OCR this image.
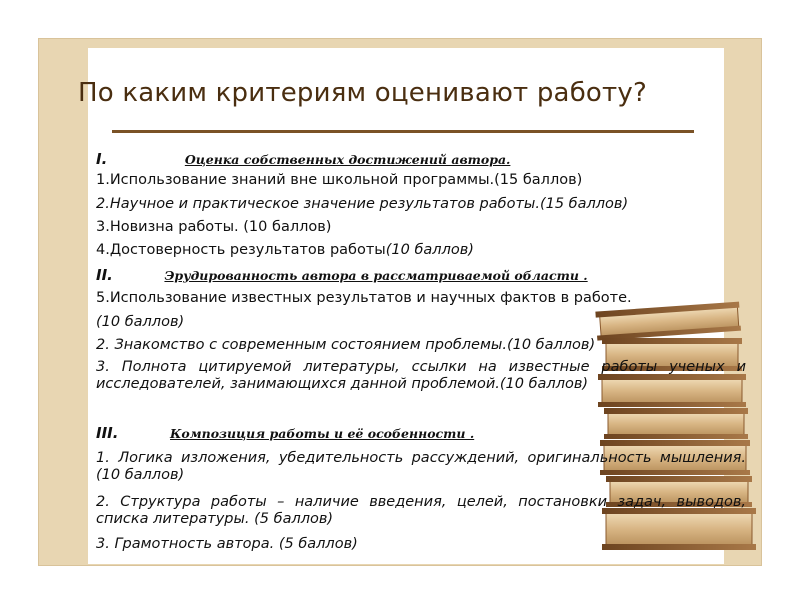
По каким критериям оценивают работу?
I.	Оценка собственных достижений автора.
1.Использование знаний вне школьной программы.(15 баллов)
2.Научное и практическое значение результатов работы.(15 баллов)
3.Новизна работы. (10 баллов)
4.Достоверность результатов работы(10 баллов)
II.	Эрудированность автора в рассматриваемой области .
5.Использование известных результатов и научных фактов в работе.
(10 баллов)
2. Знакомство с современным состоянием проблемы.(10 баллов)
3. Полнота цитируемой литературы, ссылки на известные работы ученых и исследователей, занимающихся данной проблемой.(10 баллов)
III.	Композиция работы и её особенности .
1. Логика изложения, убедительность рассуждений, оригинальность мышления. (10 баллов)
2. Структура работы – наличие введения, целей, постановки задач, выводов, списка литературы. (5 баллов)
3. Грамотность автора. (5 баллов)
